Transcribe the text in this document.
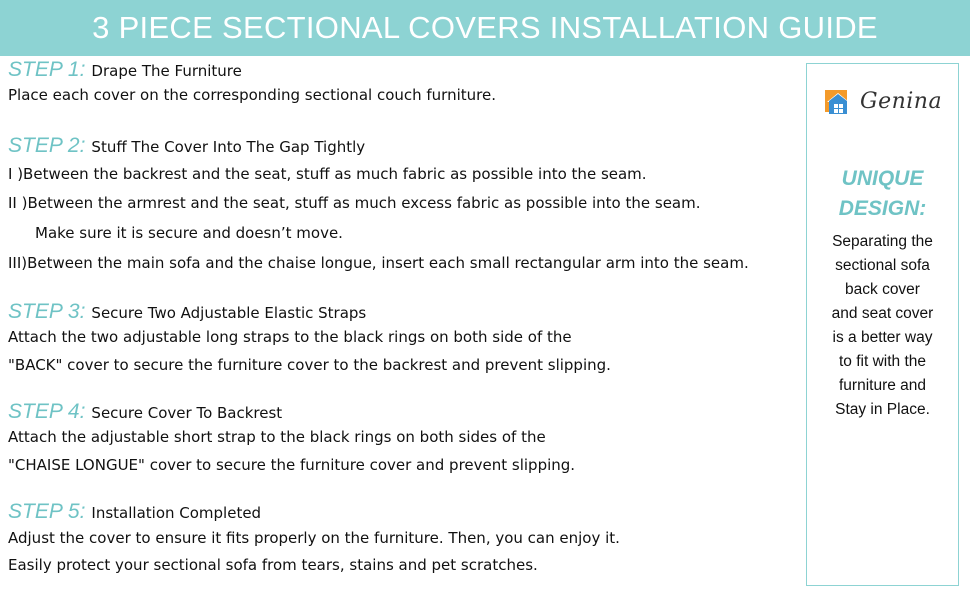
3 PIECE SECTIONAL COVERS INSTALLATION GUIDE
STEP 1: Drape The Furniture
Place each cover on the corresponding sectional couch furniture.
STEP 2: Stuff The Cover Into The Gap Tightly
I )Between the backrest and the seat, stuff as much fabric as possible into the seam.
II )Between the armrest and the seat, stuff as much excess fabric as possible into the seam.
Make sure it is secure and doesn’t move.
III)Between the main sofa and the chaise longue, insert each small rectangular arm into the seam.
STEP 3: Secure Two Adjustable Elastic Straps
Attach the two adjustable long straps to the black rings on both side of the
"BACK" cover to secure the furniture cover to the backrest and prevent slipping.
STEP 4: Secure Cover To Backrest
Attach the adjustable short strap to the black rings on both sides of the
"CHAISE LONGUE" cover to secure the furniture cover and prevent slipping.
STEP 5: Installation Completed
Adjust the cover to ensure it fits properly on the furniture. Then, you can enjoy it.
Easily protect your sectional sofa from tears, stains and pet scratches.
Genina
UNIQUE
DESIGN:
Separating the
sectional sofa
back cover
and seat cover
is a better way
to fit with the
furniture and
Stay in Place.
